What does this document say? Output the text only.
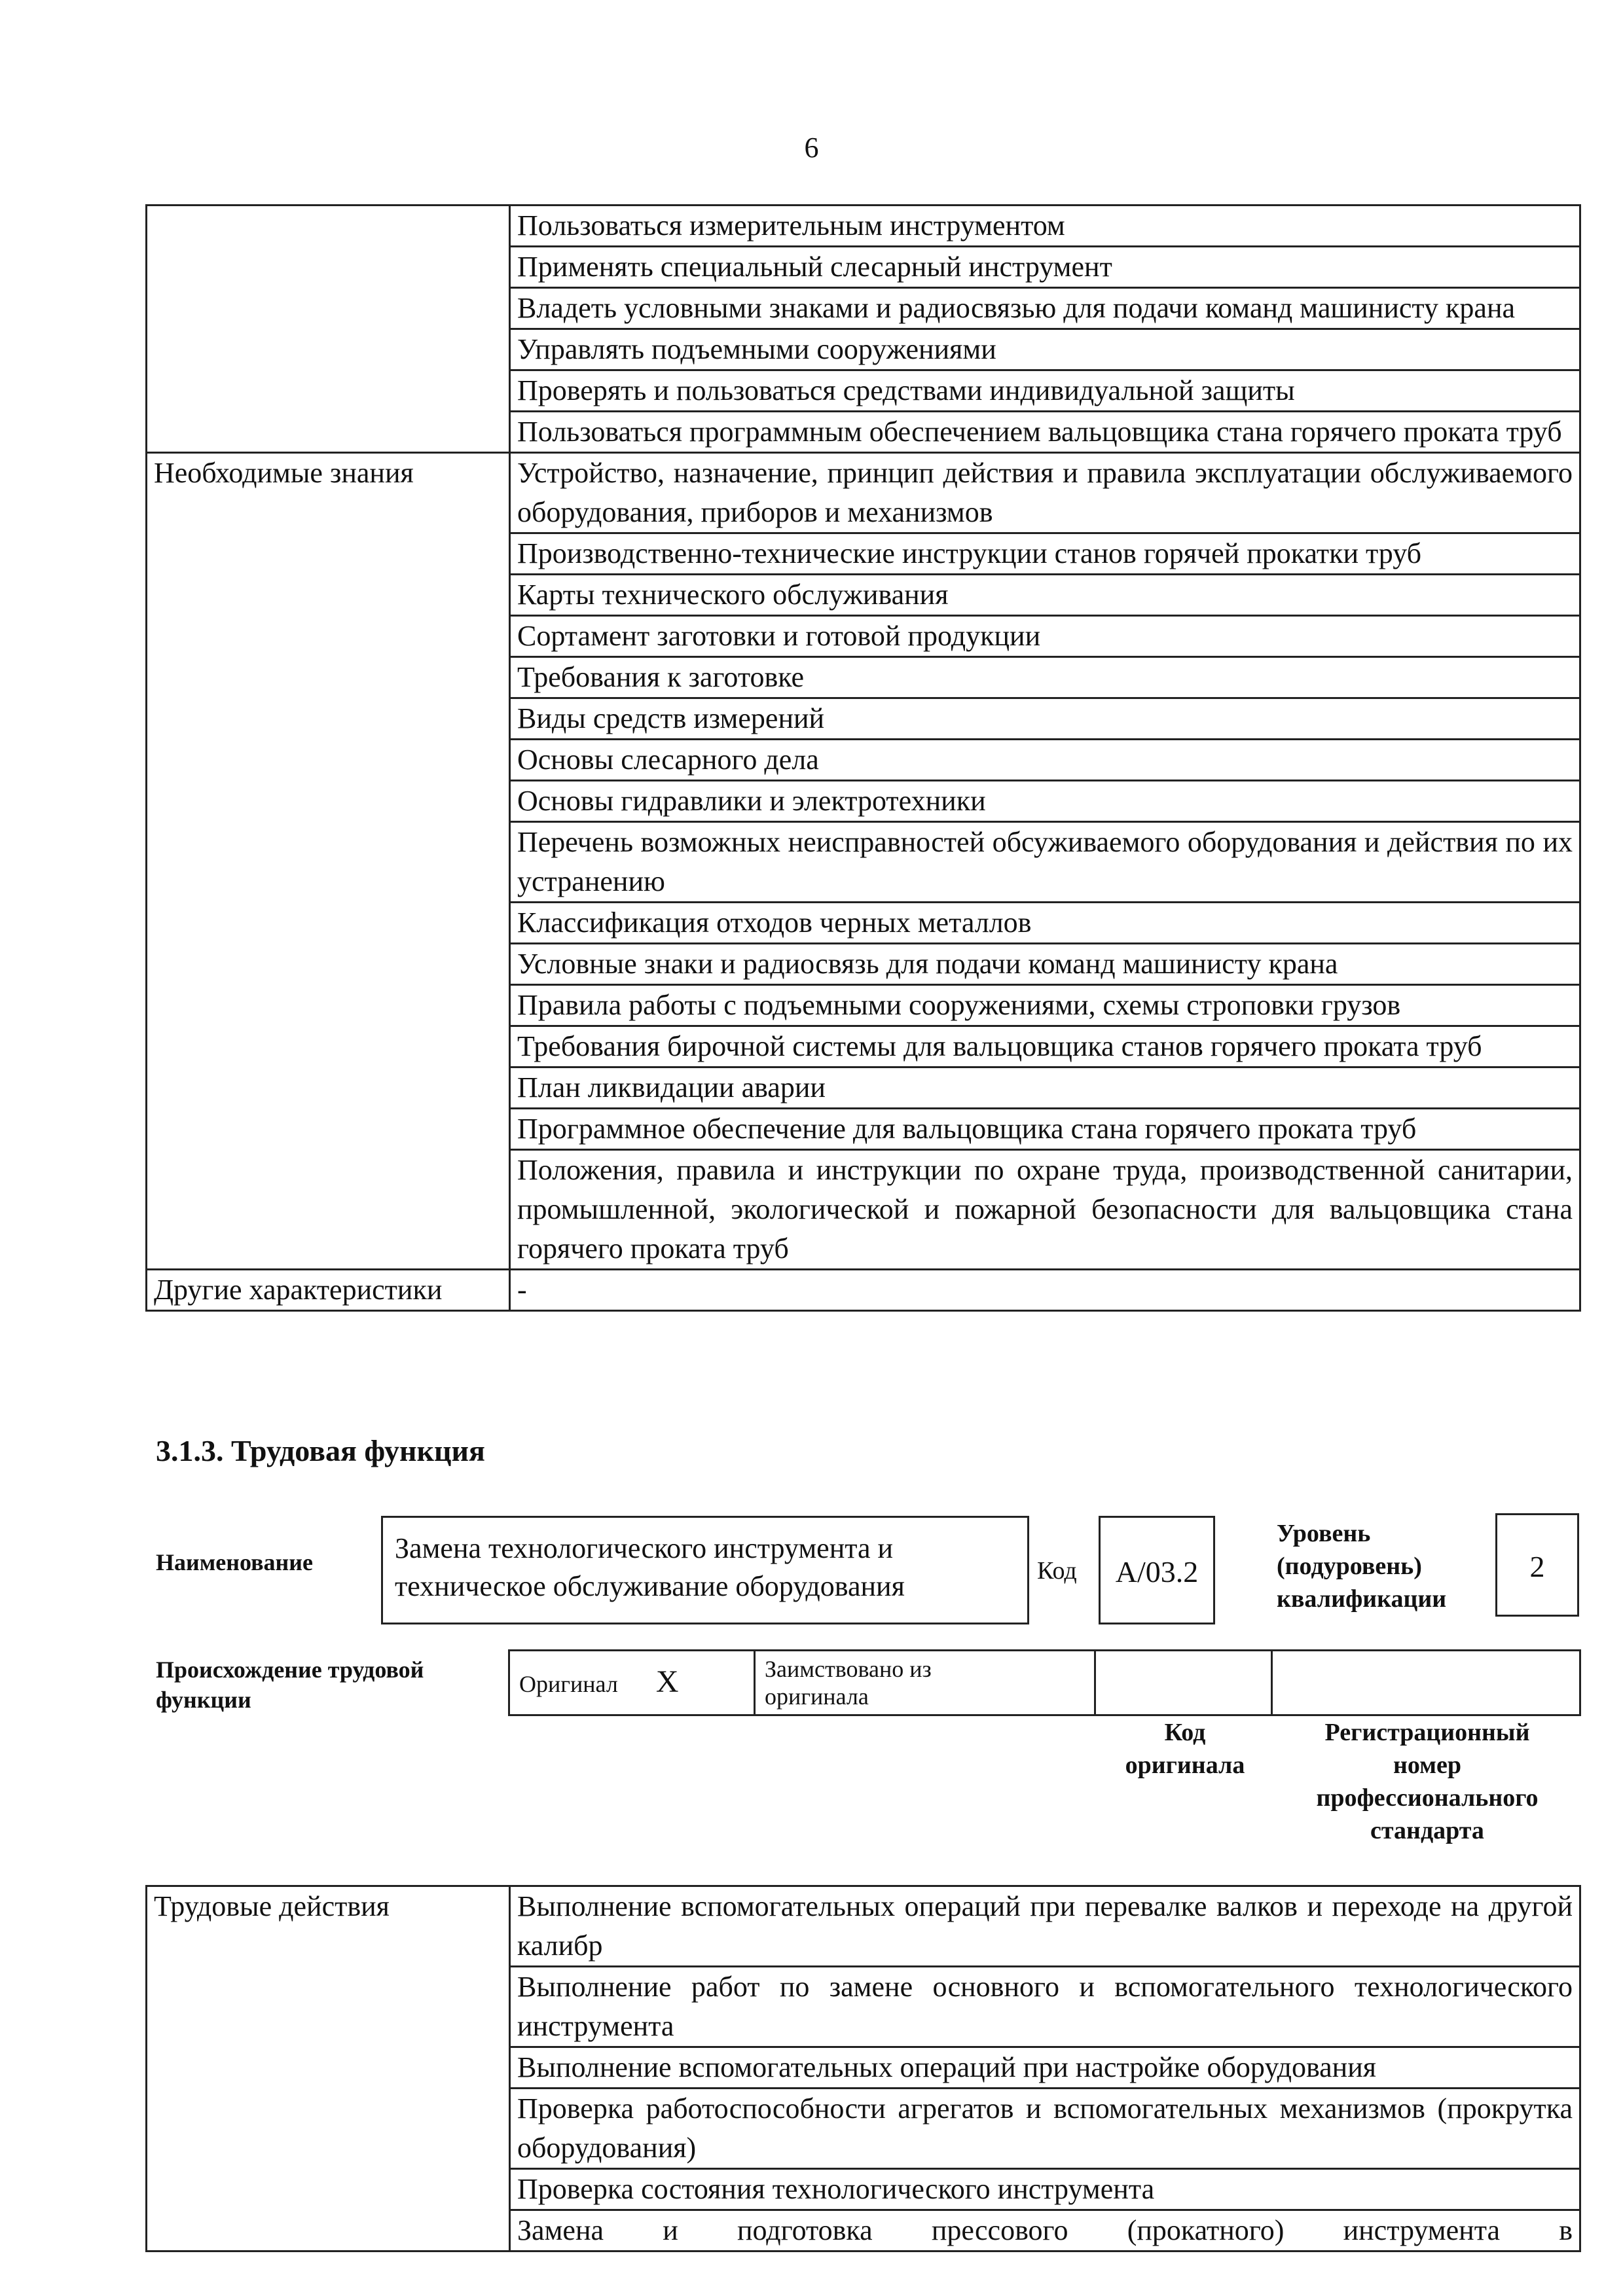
6
	Пользоваться измерительным инструментом
	Применять специальный слесарный инструмент
	Владеть условными знаками и радиосвязью для подачи команд машинисту крана
	Управлять подъемными сооружениями
	Проверять и пользоваться средствами индивидуальной защиты
	Пользоваться программным обеспечением вальцовщика стана горячего проката труб
Необходимые знания	Устройство, назначение, принцип действия и правила эксплуатации обслуживаемого оборудования, приборов и механизмов
	Производственно-технические инструкции станов горячей прокатки труб
	Карты технического обслуживания
	Сортамент заготовки и готовой продукции
	Требования к заготовке
	Виды средств измерений
	Основы слесарного дела
	Основы гидравлики и электротехники
	Перечень возможных неисправностей обсуживаемого оборудования и действия по их устранению
	Классификация отходов черных металлов
	Условные знаки и радиосвязь для подачи команд машинисту крана
	Правила работы с подъемными сооружениями, схемы строповки грузов
	Требования бирочной системы для вальцовщика станов горячего проката труб
	План ликвидации аварии
	Программное обеспечение для вальцовщика стана горячего проката труб
	Положения, правила и инструкции по охране труда, производственной санитарии, промышленной, экологической и пожарной безопасности для вальцовщика стана горячего проката труб
Другие характеристики	-
3.1.3. Трудовая функция
Наименование	Замена технологического инструмента и техническое обслуживание оборудования	Код	А/03.2
Уровень
(подуровень)
квалификации
2
Происхождение трудовой
функции
Оригинал X	Заимствовано из
оригинала

Код
оригинала
Регистрационный
номер
профессионального
стандарта
Трудовые действия	Выполнение вспомогательных операций при перевалке валков и переходе на другой калибр
Выполнение работ по замене основного и вспомогательного технологического инструмента
Выполнение вспомогательных операций при настройке оборудования
Проверка работоспособности агрегатов и вспомогательных механизмов (прокрутка оборудования)
Проверка состояния технологического инструмента
Замена и подготовка прессового (прокатного) инструмента в
